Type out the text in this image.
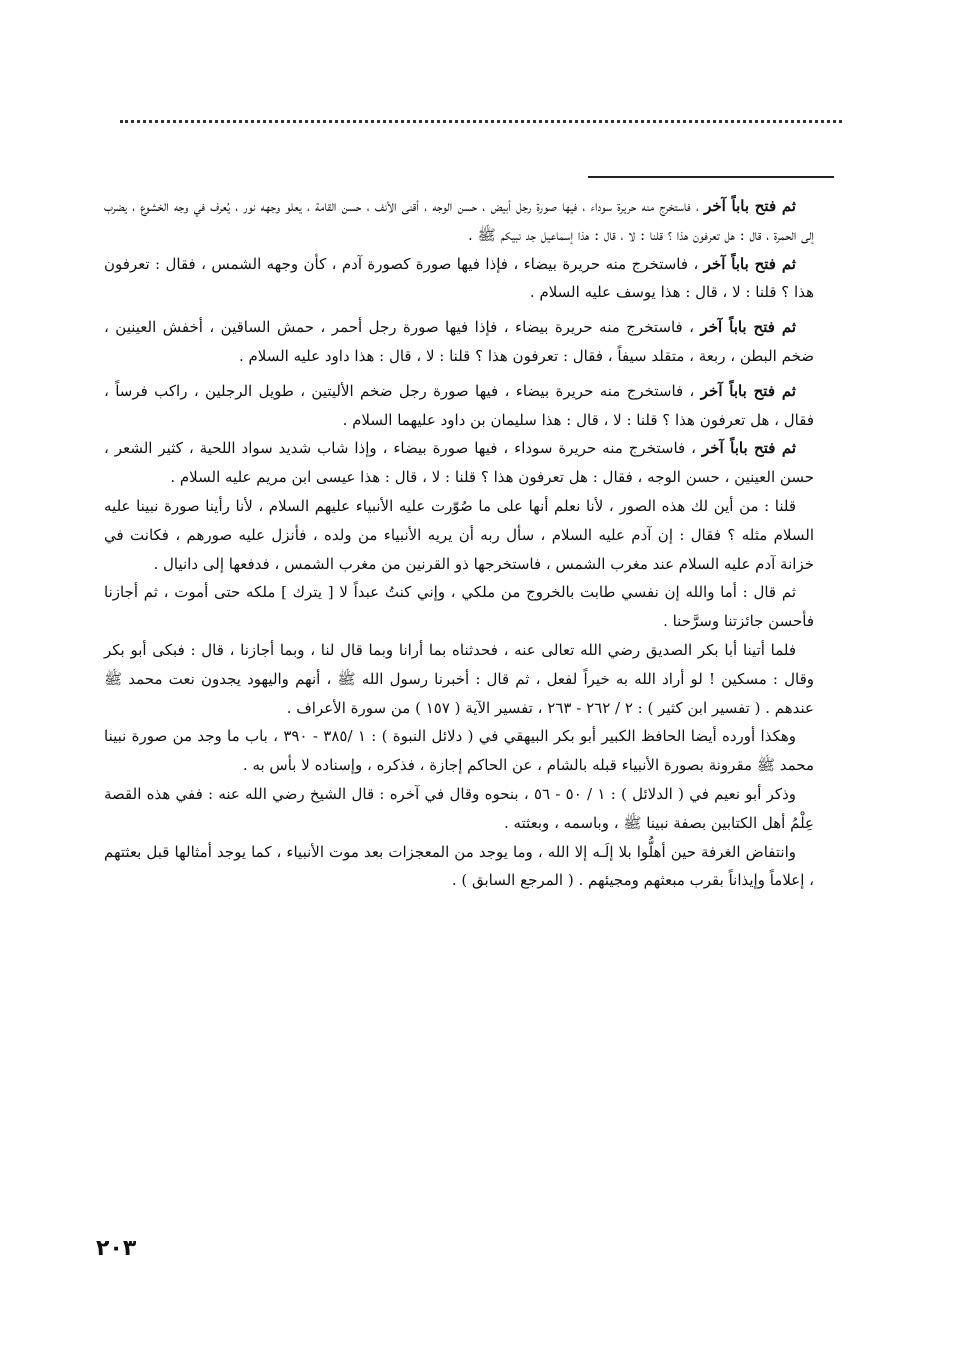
ثم فتح باباً آخر ، فاستخرج منه حريرة سوداء ، فيها صورة رجل أبيض ، حسن الوجه ، أقنى الأنف ، حسن القامة ، يعلو وجهه نور ، يُعرف في وجه الخشوع ، يضرب إلى الحمرة ، قال : هل تعرفون هذا ؟ قلنا : لا ، قال : هذا إسماعيل جد نبيكم ﷺ .

ثم فتح باباً آخر ، فاستخرج منه حريرة بيضاء ، فإذا فيها صورة كصورة آدم ، كأن وجهه الشمس ، فقال : تعرفون هذا ؟ قلنا : لا ، قال : هذا يوسف عليه السلام .

ثم فتح باباً آخر ، فاستخرج منه حريرة بيضاء ، فإذا فيها صورة رجل أحمر ، حمش الساقين ، أخفش العينين ، ضخم البطن ، ربعة ، متقلد سيفاً ، فقال : تعرفون هذا ؟ قلنا : لا ، قال : هذا داود عليه السلام .

ثم فتح باباً آخر ، فاستخرج منه حريرة بيضاء ، فيها صورة رجل ضخم الأليتين ، طويل الرجلين ، راكب فرساً ، فقال ، هل تعرفون هذا ؟ قلنا : لا ، قال : هذا سليمان بن داود عليهما السلام .

ثم فتح باباً آخر ، فاستخرج منه حريرة سوداء ، فيها صورة بيضاء ، وإذا شاب شديد سواد اللحية ، كثير الشعر ، حسن العينين ، حسن الوجه ، فقال : هل تعرفون هذا ؟ قلنا : لا ، قال : هذا عيسى ابن مريم عليه السلام .

قلنا : من أين لك هذه الصور ، لأنا نعلم أنها على ما صُوّرت عليه الأنبياء عليهم السلام ، لأنا رأينا صورة نبينا عليه السلام مثله ؟ فقال : إن آدم عليه السلام ، سأل ربه أن يريه الأنبياء من ولده ، فأنزل عليه صورهم ، فكانت في خزانة آدم عليه السلام عند مغرب الشمس ، فاستخرجها ذو القرنين من مغرب الشمس ، فدفعها إلى دانيال .

ثم قال : أما والله إن نفسي طابت بالخروج من ملكي ، وإني كنتُ عبداً لا [ يترك ] ملكه حتى أموت ، ثم أجازنا فأحسن جائزتنا وسرَّحنا .

فلما أتينا أبا بكر الصديق رضي الله تعالى عنه ، فحدثناه بما أرانا وبما قال لنا ، وبما أجازنا ، قال : فبكى أبو بكر وقال : مسكين ! لو أراد الله به خيراً لفعل ، ثم قال : أخبرنا رسول الله ﷺ ، أنهم واليهود يجدون نعت محمد ﷺ عندهم . ( تفسير ابن كثير ) : ٢ / ٢٦٢ - ٢٦٣ ، تفسير الآية ( ١٥٧ ) من سورة الأعراف .

وهكذا أورده أيضا الحافظ الكبير أبو بكر البيهقي في ( دلائل النبوة ) : ١ /٣٨٥ - ٣٩٠ ، باب ما وجد من صورة نبينا محمد ﷺ مقرونة بصورة الأنبياء قبله بالشام ، عن الحاكم إجازة ، فذكره ، وإسناده لا بأس به .

وذكر أبو نعيم في ( الدلائل ) : ١ / ٥٠ - ٥٦ ، بنحوه وقال في آخره : قال الشيخ رضي الله عنه : ففي هذه القصة عِلْمُ أهل الكتابين بصفة نبينا ﷺ ، وباسمه ، وبعثته .

وانتفاض الغرفة حين أهلُّوا بلا إلَـه إلا الله ، وما يوجد من المعجزات بعد موت الأنبياء ، كما يوجد أمثالها قبل بعثتهم ، إعلاماً وإيذاناً بقرب مبعثهم ومجيئهم . ( المرجع السابق ) .

٢٠٣
